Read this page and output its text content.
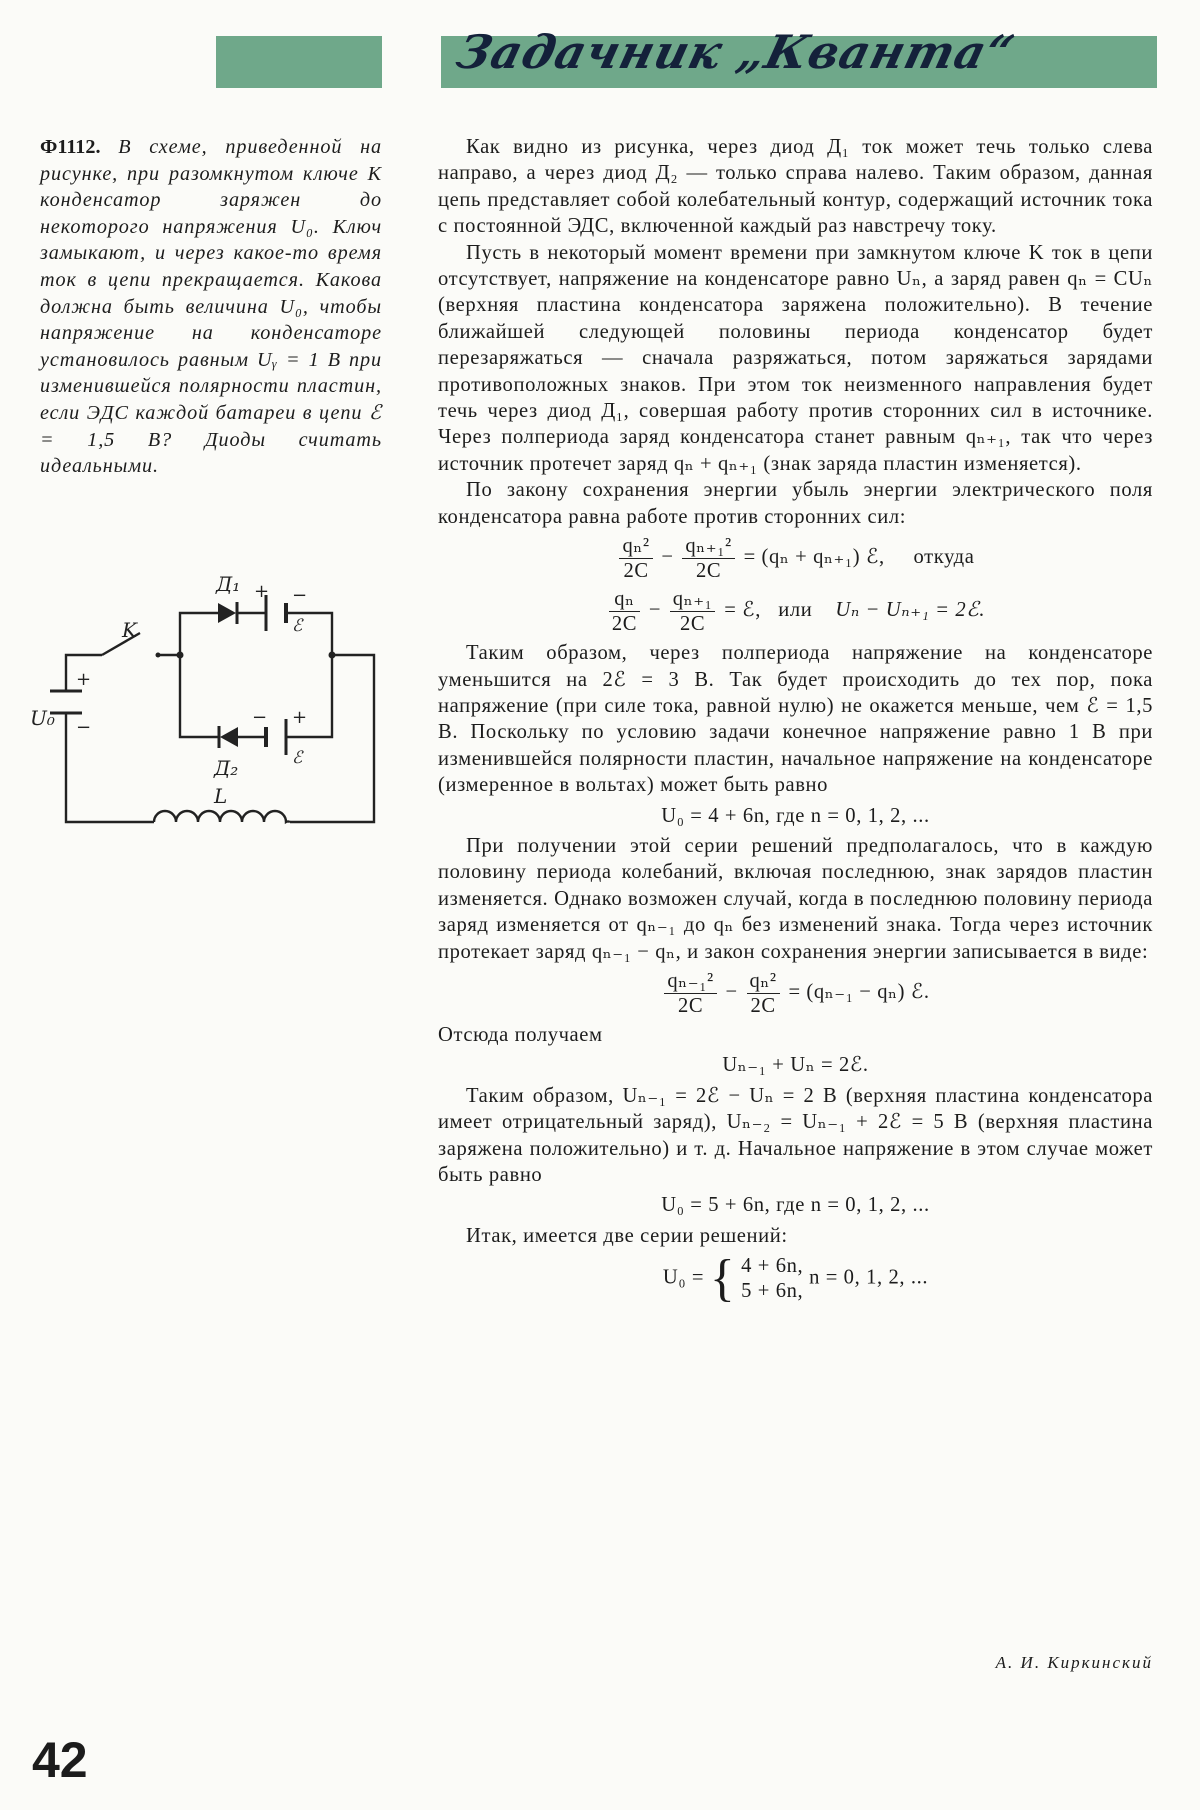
Задачник „Кванта“

Ф1112. В схеме, приведенной на рисунке, при разомкнутом ключе K конденсатор заряжен до некоторого напряжения U₀. Ключ замыкают, и через какое-то время ток в цепи прекращается. Какова должна быть величина U₀, чтобы напряжение на конденсаторе установилось равным Uᵧ = 1 В при изменившейся полярности пластин, если ЭДС каждой батареи в цепи ℰ = 1,5 В? Диоды считать идеальными.

Д₁
Д₂
K
U₀
L
ℰ
ℰ
+ −
− +
+
−

Как видно из рисунка, через диод Д₁ ток может течь только слева направо, а через диод Д₂ — только справа налево. Таким образом, данная цепь представляет собой колебательный контур, содержащий источник тока с постоянной ЭДС, включенной каждый раз навстречу току.

Пусть в некоторый момент времени при замкнутом ключе K ток в цепи отсутствует, напряжение на конденсаторе равно Uₙ, а заряд равен qₙ = CUₙ (верхняя пластина конденсатора заряжена положительно). В течение ближайшей следующей половины периода конденсатор будет перезаряжаться — сначала разряжаться, потом заряжаться зарядами противоположных знаков. При этом ток неизменного направления будет течь через диод Д₁, совершая работу против сторонних сил в источнике. Через полпериода заряд конденсатора станет равным qₙ₊₁, так что через источник протечет заряд qₙ + qₙ₊₁ (знак заряда пластин изменяется).

По закону сохранения энергии убыль энергии электрического поля конденсатора равна работе против сторонних сил:

$\frac{\text{qₙ²}}{2C} - \frac{\text{qₙ₊₁²}}{2C} = (q_n + q_{n+1})$ ℰ, откуда
$\frac{\text{qₙ}}{2C} - \frac{\text{qₙ₊₁}}{2C}$ = ℰ, или Uₙ − Uₙ₊₁ = 2ℰ.

Таким образом, через полпериода напряжение на конденсаторе уменьшится на 2ℰ = 3 В. Так будет происходить до тех пор, пока напряжение (при силе тока, равной нулю) не окажется меньше, чем ℰ = 1,5 В. Поскольку по условию задачи конечное напряжение равно 1 В при изменившейся полярности пластин, начальное напряжение на конденсаторе (измеренное в вольтах) может быть равно

U₀ = 4 + 6n, где n = 0, 1, 2, ...

При получении этой серии решений предполагалось, что в каждую половину периода колебаний, включая последнюю, знак зарядов пластин изменяется. Однако возможен случай, когда в последнюю половину периода заряд изменяется от qₙ₋₁ до qₙ без изменений знака. Тогда через источник протекает заряд qₙ₋₁ − qₙ, и закон сохранения энергии записывается в виде:

$\frac{\text{qₙ₋₁²}}{2C} - \frac{\text{qₙ²}}{2C} = (q_{n-1} - q_n)$ ℰ.

Отсюда получаем

Uₙ₋₁ + Uₙ = 2ℰ.

Таким образом, Uₙ₋₁ = 2ℰ − Uₙ = 2 В (верхняя пластина конденсатора имеет отрицательный заряд), Uₙ₋₂ = Uₙ₋₁ + 2ℰ = 5 В (верхняя пластина заряжена положительно) и т. д. Начальное напряжение в этом случае может быть равно

U₀ = 5 + 6n, где n = 0, 1, 2, ...

Итак, имеется две серии решений:

U₀ = { 4 + 6n,
5 + 6n, n = 0, 1, 2, ...

А. И. Киркинский

42
